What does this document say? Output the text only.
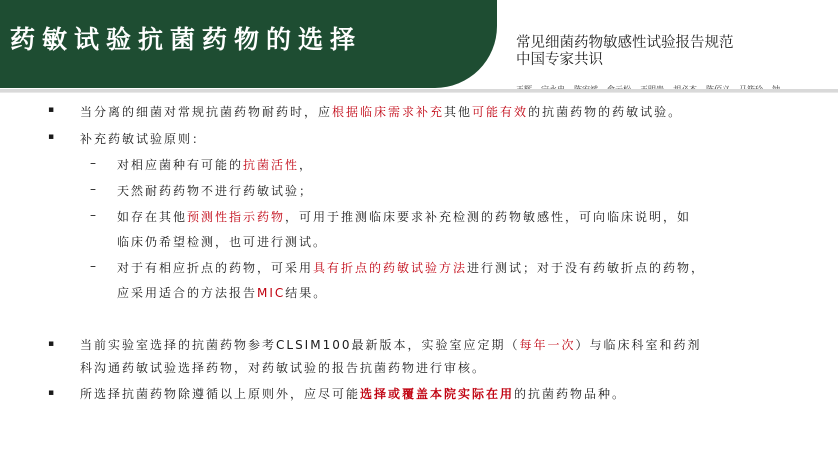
药敏试验抗菌药物的选择	常见细菌药物敏感性试验报告规范
中国专家共识
▪ 当分离的细菌对常规抗菌药物耐药时，应根据临床需求补充其他可能有效的抗菌药物的药敏试验。
▪ 补充药敏试验原则：
– 对相应菌种有可能的抗菌活性，
– 天然耐药药物不进行药敏试验；
– 如存在其他预测性指示药物，可用于推测临床要求补充检测的药物敏感性，可向临床说明，如
临床仍希望检测，也可进行测试。
– 对于有相应折点的药物，可采用具有折点的药敏试验方法进行测试；对于没有药敏折点的药物，
应采用适合的方法报告MIC结果。
▪ 当前实验室选择的抗菌药物参考CLSIM100最新版本，实验室应定期（每年一次）与临床科室和药剂
科沟通药敏试验选择药物，对药敏试验的报告抗菌药物进行审核。
▪ 所选择抗菌药物除遵循以上原则外，应尽可能选择或覆盖本院实际在用的抗菌药物品种。
